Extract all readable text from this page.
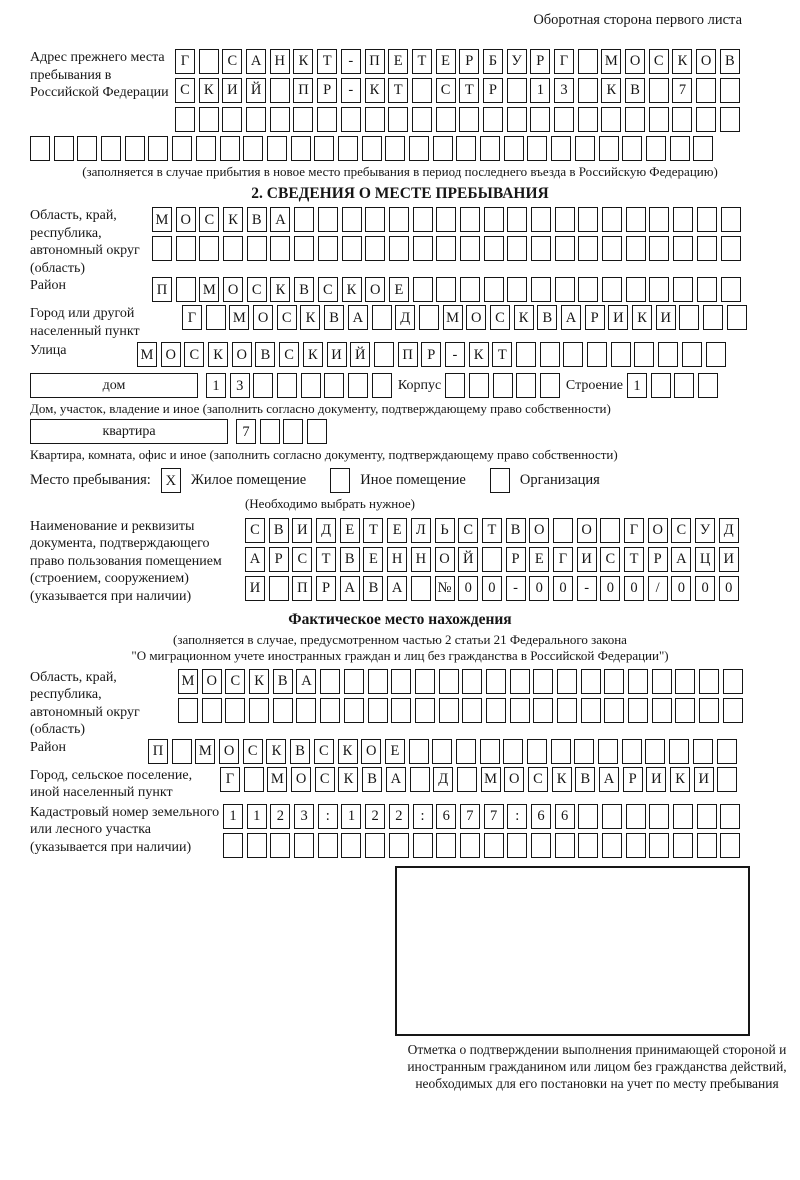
Оборотная сторона первого листа
Адрес прежнего места пребывания в Российской Федерации
Г	С А Н К Т	-	П Е	Т	Е	Р	Б У	Р	Г	М О С К О В
С К И Й	П Р	-	К Т	С Т	Р	1	3	К В	7
(заполняется в случае прибытия в новое место пребывания в период последнего въезда в Российскую Федерацию)
2. СВЕДЕНИЯ О МЕСТЕ ПРЕБЫВАНИЯ
Область, край, республика, автономный округ (область)
М О С К В А
Район	П	М О С К В С К О Е
Город или другой населенный пункт
Г	М О С К В А	Д	М О С К В А Р И К И
Улица	М О С К О В С К И Й	П Р	-	К Т
дом	1	3	Корпус	Строение 1
Дом, участок, владение и иное (заполнить согласно документу, подтверждающему право собственности)
квартира	7
Квартира, комната, офис и иное (заполнить согласно документу, подтверждающему право собственности)
Место пребывания:	X	Жилое помещение	Иное помещение	Организация
(Необходимо выбрать нужное)
Наименование и реквизиты документа, подтверждающего право пользования помещением (строением, сооружением) (указывается при наличии)
С В И Д Е	Т	Е Л	Ь	С Т В О	О	Г О С У Д
А Р	С Т В Е Н Н О Й	Р	Е	Г И С Т	Р А Ц И
И	П Р А В А	№ 0	0	-	0	0	-	0	0	/	0	0	0
Фактическое место нахождения
(заполняется в случае, предусмотренном частью 2 статьи 21 Федерального закона
"О миграционном учете иностранных граждан и лиц без гражданства в Российской Федерации")
Область, край, республика, автономный округ (область)
М О С К В А
Район	П	М О С К В С К О Е
Город, сельское поселение, иной населенный пункт
Г	М О С К В А	Д	М О С К В А Р И К И
Кадастровый номер земельного или лесного участка (указывается при наличии)
1	1	2	3	:	1	2	2	:	6	7	7	:	6	6
Отметка о подтверждении выполнения принимающей стороной и иностранным гражданином или лицом без гражданства действий, необходимых для его постановки на учет по месту пребывания
